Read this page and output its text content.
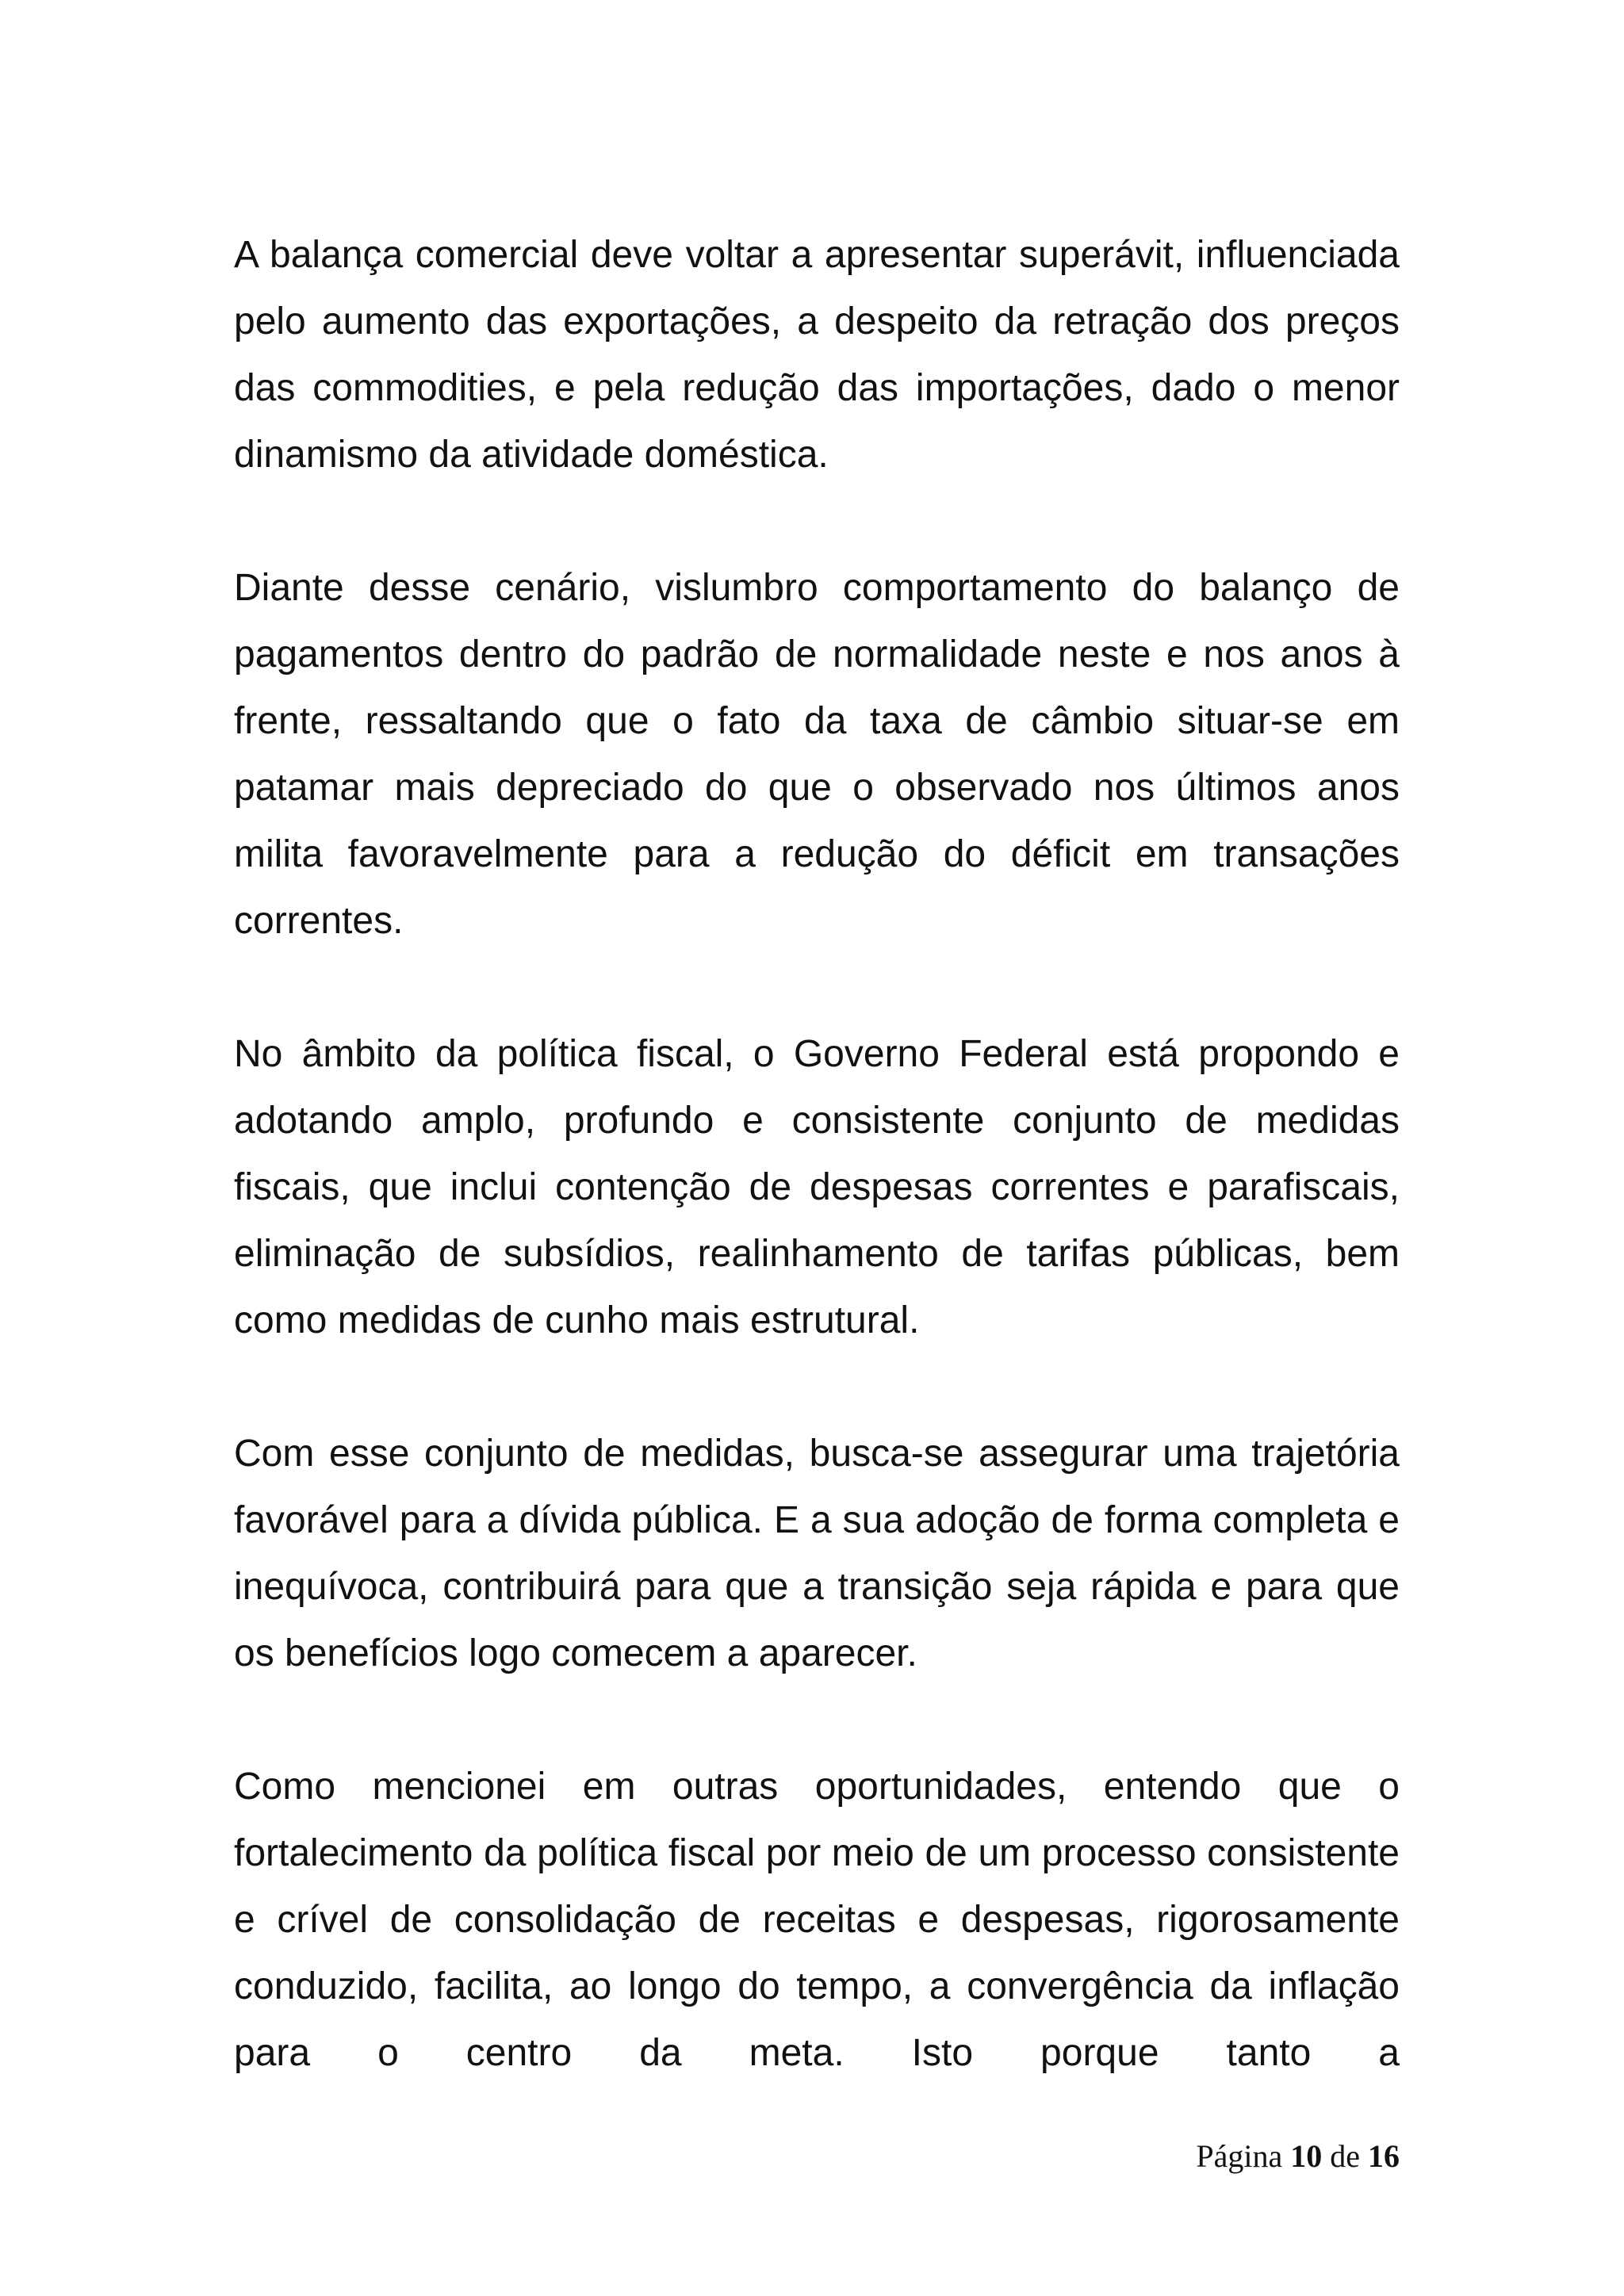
A balança comercial deve voltar a apresentar superávit, influenciada pelo aumento das exportações, a despeito da retração dos preços das commodities, e pela redução das importações, dado o menor dinamismo da atividade doméstica.

Diante desse cenário, vislumbro comportamento do balanço de pagamentos dentro do padrão de normalidade neste e nos anos à frente, ressaltando que o fato da taxa de câmbio situar-se em patamar mais depreciado do que o observado nos últimos anos milita favoravelmente para a redução do déficit em transações correntes.

No âmbito da política fiscal, o Governo Federal está propondo e adotando amplo, profundo e consistente conjunto de medidas fiscais, que inclui contenção de despesas correntes e parafiscais, eliminação de subsídios, realinhamento de tarifas públicas, bem como medidas de cunho mais estrutural.

Com esse conjunto de medidas, busca-se assegurar uma trajetória favorável para a dívida pública. E a sua adoção de forma completa e inequívoca, contribuirá para que a transição seja rápida e para que os benefícios logo comecem a aparecer.

Como mencionei em outras oportunidades, entendo que o fortalecimento da política fiscal por meio de um processo consistente e crível de consolidação de receitas e despesas, rigorosamente conduzido, facilita, ao longo do tempo, a convergência da inflação para o centro da meta. Isto porque tanto a

Página 10 de 16
